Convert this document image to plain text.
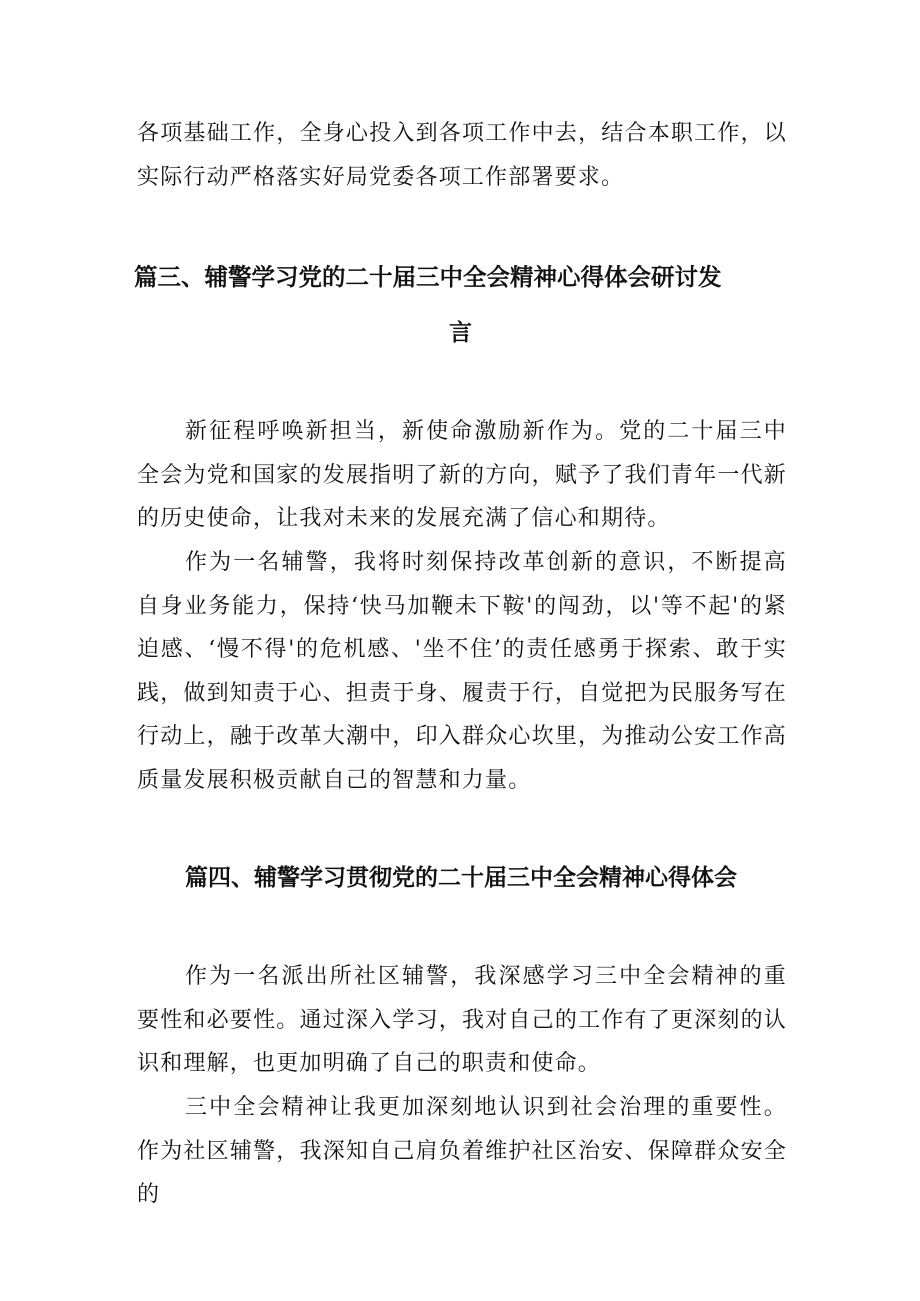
各项基础工作，全身心投入到各项工作中去，结合本职工作，以实际行动严格落实好局党委各项工作部署要求。

篇三、辅警学习党的二十届三中全会精神心得体会研讨发
言

新征程呼唤新担当，新使命激励新作为。党的二十届三中全会为党和国家的发展指明了新的方向，赋予了我们青年一代新的历史使命，让我对未来的发展充满了信心和期待。

作为一名辅警，我将时刻保持改革创新的意识，不断提高自身业务能力，保持‘快马加鞭未下鞍'的闯劲，以'等不起'的紧迫感、‘慢不得'的危机感、'坐不住’的责任感勇于探索、敢于实践，做到知责于心、担责于身、履责于行，自觉把为民服务写在行动上，融于改革大潮中，印入群众心坎里，为推动公安工作高质量发展积极贡献自己的智慧和力量。

篇四、辅警学习贯彻党的二十届三中全会精神心得体会

作为一名派出所社区辅警，我深感学习三中全会精神的重要性和必要性。通过深入学习，我对自己的工作有了更深刻的认识和理解，也更加明确了自己的职责和使命。

三中全会精神让我更加深刻地认识到社会治理的重要性。作为社区辅警，我深知自己肩负着维护社区治安、保障群众安全的
